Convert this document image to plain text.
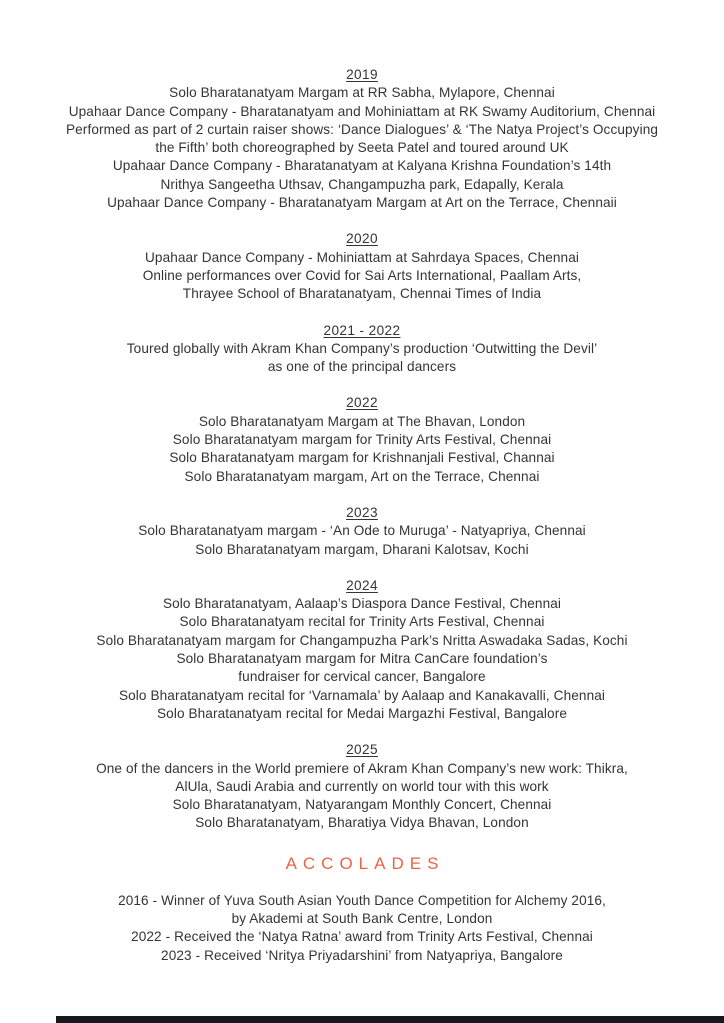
2019

Solo Bharatanatyam Margam at RR Sabha, Mylapore, Chennai

Upahaar Dance Company - Bharatanatyam and Mohiniattam at RK Swamy Auditorium, Chennai

Performed as part of 2 curtain raiser shows: ‘Dance Dialogues’ & ‘The Natya Project’s Occupying

the Fifth’ both choreographed by Seeta Patel and toured around UK

Upahaar Dance Company - Bharatanatyam at Kalyana Krishna Foundation’s 14th

Nrithya Sangeetha Uthsav, Changampuzha park, Edapally, Kerala

Upahaar Dance Company - Bharatanatyam Margam at Art on the Terrace, Chennaii

2020

Upahaar Dance Company - Mohiniattam at Sahrdaya Spaces, Chennai

Online performances over Covid for Sai Arts International, Paallam Arts,

Thrayee School of Bharatanatyam, Chennai Times of India

2021 - 2022

Toured globally with Akram Khan Company’s production ‘Outwitting the Devil’

as one of the principal dancers

2022

Solo Bharatanatyam Margam at The Bhavan, London

Solo Bharatanatyam margam for Trinity Arts Festival, Chennai

Solo Bharatanatyam margam for Krishnanjali Festival, Channai

Solo Bharatanatyam margam, Art on the Terrace, Chennai

2023

Solo Bharatanatyam margam - ‘An Ode to Muruga’ - Natyapriya, Chennai

Solo Bharatanatyam margam, Dharani Kalotsav, Kochi

2024

Solo Bharatanatyam, Aalaap’s Diaspora Dance Festival, Chennai

Solo Bharatanatyam recital for Trinity Arts Festival, Chennai

Solo Bharatanatyam margam for Changampuzha Park’s Nritta Aswadaka Sadas, Kochi

Solo Bharatanatyam margam for Mitra CanCare foundation’s

fundraiser for cervical cancer, Bangalore

Solo Bharatanatyam recital for ‘Varnamala’ by Aalaap and Kanakavalli, Chennai

Solo Bharatanatyam recital for Medai Margazhi Festival, Bangalore

2025

One of the dancers in the World premiere of Akram Khan Company’s new work: Thikra,

AlUla, Saudi Arabia and currently on world tour with this work

Solo Bharatanatyam, Natyarangam Monthly Concert, Chennai

Solo Bharatanatyam, Bharatiya Vidya Bhavan, London

ACCOLADES

2016 - Winner of Yuva South Asian Youth Dance Competition for Alchemy 2016,

by Akademi at South Bank Centre, London

2022 - Received the ‘Natya Ratna’ award from Trinity Arts Festival, Chennai

2023 - Received ‘Nritya Priyadarshini’ from Natyapriya, Bangalore
